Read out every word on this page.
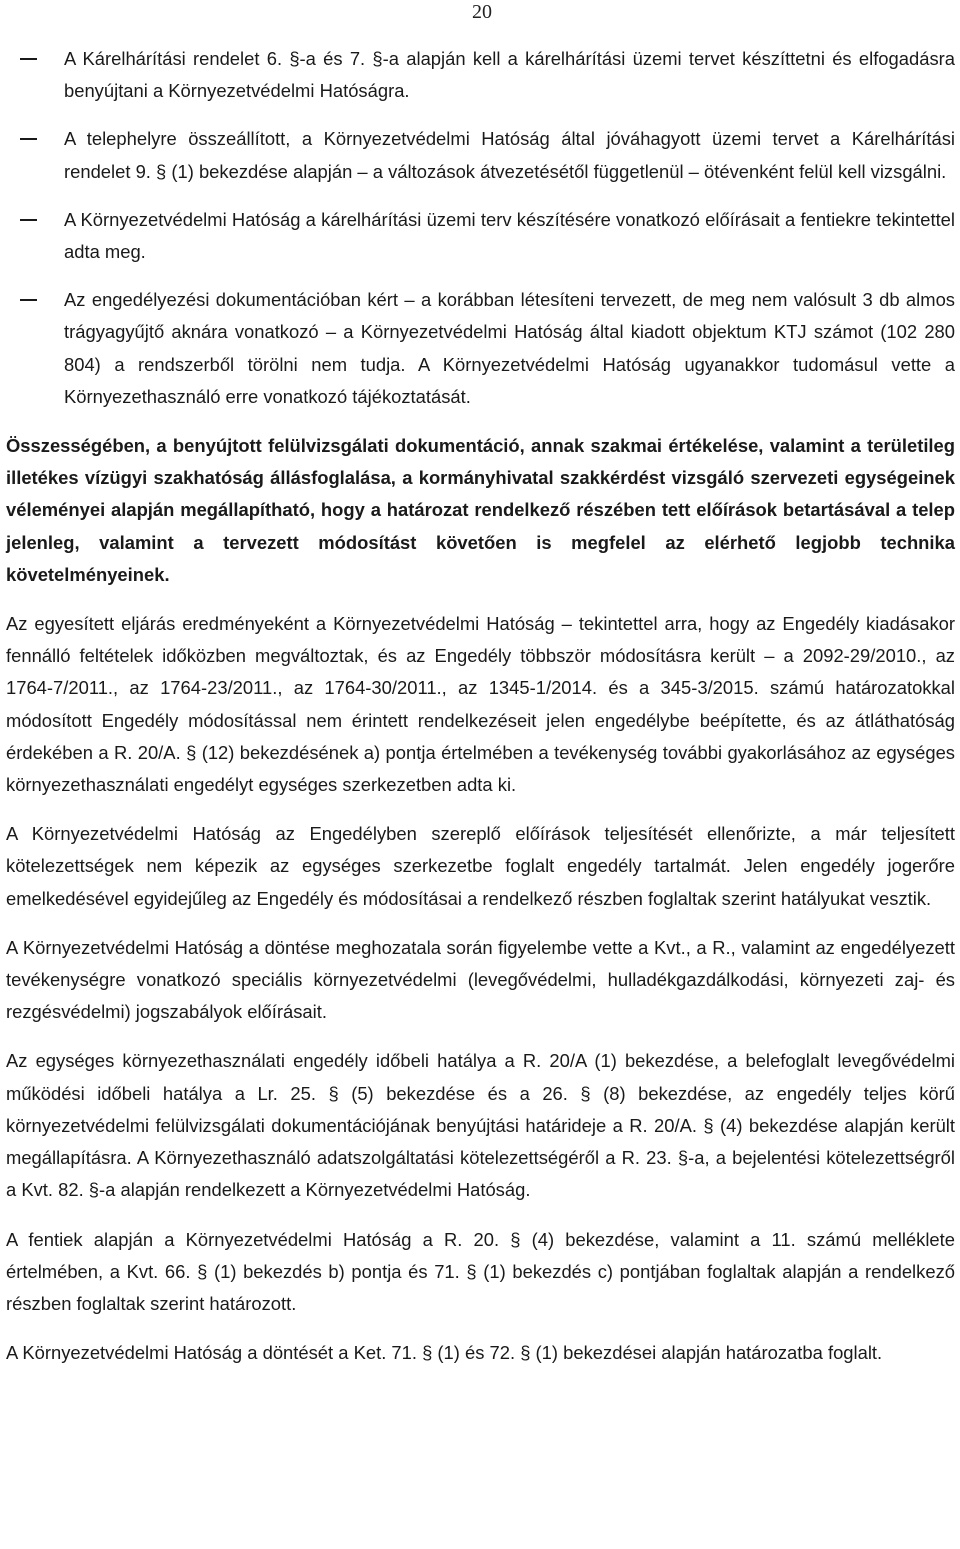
20

A Kárelhárítási rendelet 6. §-a és 7. §-a alapján kell a kárelhárítási üzemi tervet készíttetni és elfogadásra benyújtani a Környezetvédelmi Hatóságra.

A telephelyre összeállított, a Környezetvédelmi Hatóság által jóváhagyott üzemi tervet a Kárelhárítási rendelet 9. § (1) bekezdése alapján – a változások átvezetésétől függetlenül – ötévenként felül kell vizsgálni.

A Környezetvédelmi Hatóság a kárelhárítási üzemi terv készítésére vonatkozó előírásait a fentiekre tekintettel adta meg.

Az engedélyezési dokumentációban kért – a korábban létesíteni tervezett, de meg nem valósult 3 db almos trágyagyűjtő aknára vonatkozó – a Környezetvédelmi Hatóság által kiadott objektum KTJ számot (102 280 804) a rendszerből törölni nem tudja. A Környezetvédelmi Hatóság ugyanakkor tudomásul vette a Környezethasználó erre vonatkozó tájékoztatását.

Összességében, a benyújtott felülvizsgálati dokumentáció, annak szakmai értékelése, valamint a területileg illetékes vízügyi szakhatóság állásfoglalása, a kormányhivatal szakkérdést vizsgáló szervezeti egységeinek véleményei alapján megállapítható, hogy a határozat rendelkező részében tett előírások betartásával a telep jelenleg, valamint a tervezett módosítást követően is megfelel az elérhető legjobb technika követelményeinek.

Az egyesített eljárás eredményeként a Környezetvédelmi Hatóság – tekintettel arra, hogy az Engedély kiadásakor fennálló feltételek időközben megváltoztak, és az Engedély többször módosításra került – a 2092-29/2010., az 1764-7/2011., az 1764-23/2011., az 1764-30/2011., az 1345-1/2014. és a 345-3/2015. számú határozatokkal módosított Engedély módosítással nem érintett rendelkezéseit jelen engedélybe beépítette, és az átláthatóság érdekében a R. 20/A. § (12) bekezdésének a) pontja értelmében a tevékenység további gyakorlásához az egységes környezethasználati engedélyt egységes szerkezetben adta ki.

A Környezetvédelmi Hatóság az Engedélyben szereplő előírások teljesítését ellenőrizte, a már teljesített kötelezettségek nem képezik az egységes szerkezetbe foglalt engedély tartalmát. Jelen engedély jogerőre emelkedésével egyidejűleg az Engedély és módosításai a rendelkező részben foglaltak szerint hatályukat vesztik.

A Környezetvédelmi Hatóság a döntése meghozatala során figyelembe vette a Kvt., a R., valamint az engedélyezett tevékenységre vonatkozó speciális környezetvédelmi (levegővédelmi, hulladékgazdálkodási, környezeti zaj- és rezgésvédelmi) jogszabályok előírásait.

Az egységes környezethasználati engedély időbeli hatálya a R. 20/A (1) bekezdése, a belefoglalt levegővédelmi működési időbeli hatálya a Lr. 25. § (5) bekezdése és a 26. § (8) bekezdése, az engedély teljes körű környezetvédelmi felülvizsgálati dokumentációjának benyújtási határideje a R. 20/A. § (4) bekezdése alapján került megállapításra. A Környezethasználó adatszolgáltatási kötelezettségéről a R. 23. §-a, a bejelentési kötelezettségről a Kvt. 82. §-a alapján rendelkezett a Környezetvédelmi Hatóság.

A fentiek alapján a Környezetvédelmi Hatóság a R. 20. § (4) bekezdése, valamint a 11. számú melléklete értelmében, a Kvt. 66. § (1) bekezdés b) pontja és 71. § (1) bekezdés c) pontjában foglaltak alapján a rendelkező részben foglaltak szerint határozott.

A Környezetvédelmi Hatóság a döntését a Ket. 71. § (1) és 72. § (1) bekezdései alapján határozatba foglalt.
